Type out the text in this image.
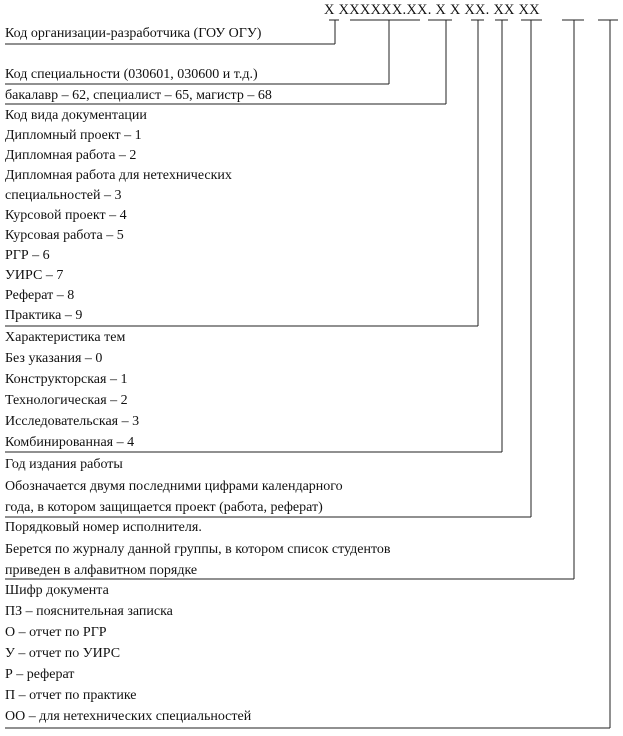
X XXXXXX.XX. X X XX. XX XX
Код организации-разработчика (ГОУ ОГУ)
Код специальности (030601, 030600 и т.д.)
бакалавр – 62, специалист – 65, магистр – 68
Код вида документации
Дипломный проект – 1
Дипломная работа – 2
Дипломная работа для нетехнических
специальностей – 3
Курсовой проект – 4
Курсовая работа – 5
РГР – 6
УИРС – 7
Реферат – 8
Практика – 9
Характеристика тем
Без указания – 0
Конструкторская – 1
Технологическая – 2
Исследовательская – 3
Комбинированная – 4
Год издания работы
Обозначается двумя последними цифрами календарного
года, в котором защищается проект (работа, реферат)
Порядковый номер исполнителя.
Берется по журналу данной группы, в котором список студентов
приведен в алфавитном порядке
Шифр документа
ПЗ – пояснительная записка
О – отчет по РГР
У – отчет по УИРС
Р – реферат
П – отчет по практике
ОО – для нетехнических специальностей
